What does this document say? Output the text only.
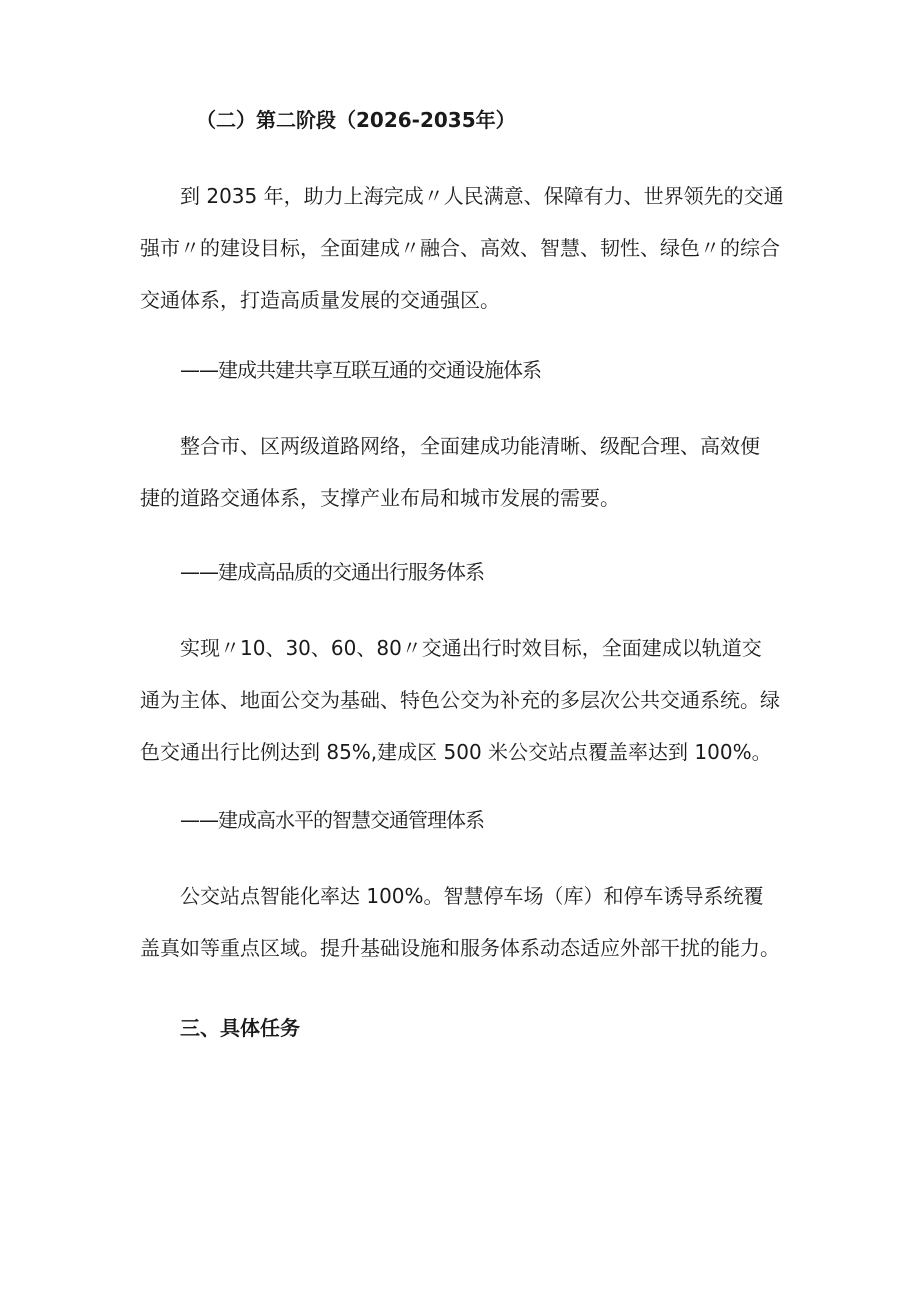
（二）第二阶段（2026-2035年）
到 2035 年，助力上海完成〃人民满意、保障有力、世界领先的交通
强市〃的建设目标，全面建成〃融合、高效、智慧、韧性、绿色〃的综合
交通体系，打造高质量发展的交通强区。
——建成共建共享互联互通的交通设施体系
整合市、区两级道路网络，全面建成功能清晰、级配合理、高效便
捷的道路交通体系，支撑产业布局和城市发展的需要。
——建成高品质的交通出行服务体系
实现〃10、30、60、80〃交通出行时效目标，全面建成以轨道交
通为主体、地面公交为基础、特色公交为补充的多层次公共交通系统。绿
色交通出行比例达到 85%,建成区 500 米公交站点覆盖率达到 100%。
——建成高水平的智慧交通管理体系
公交站点智能化率达 100%。智慧停车场（库）和停车诱导系统覆
盖真如等重点区域。提升基础设施和服务体系动态适应外部干扰的能力。
三、具体任务
